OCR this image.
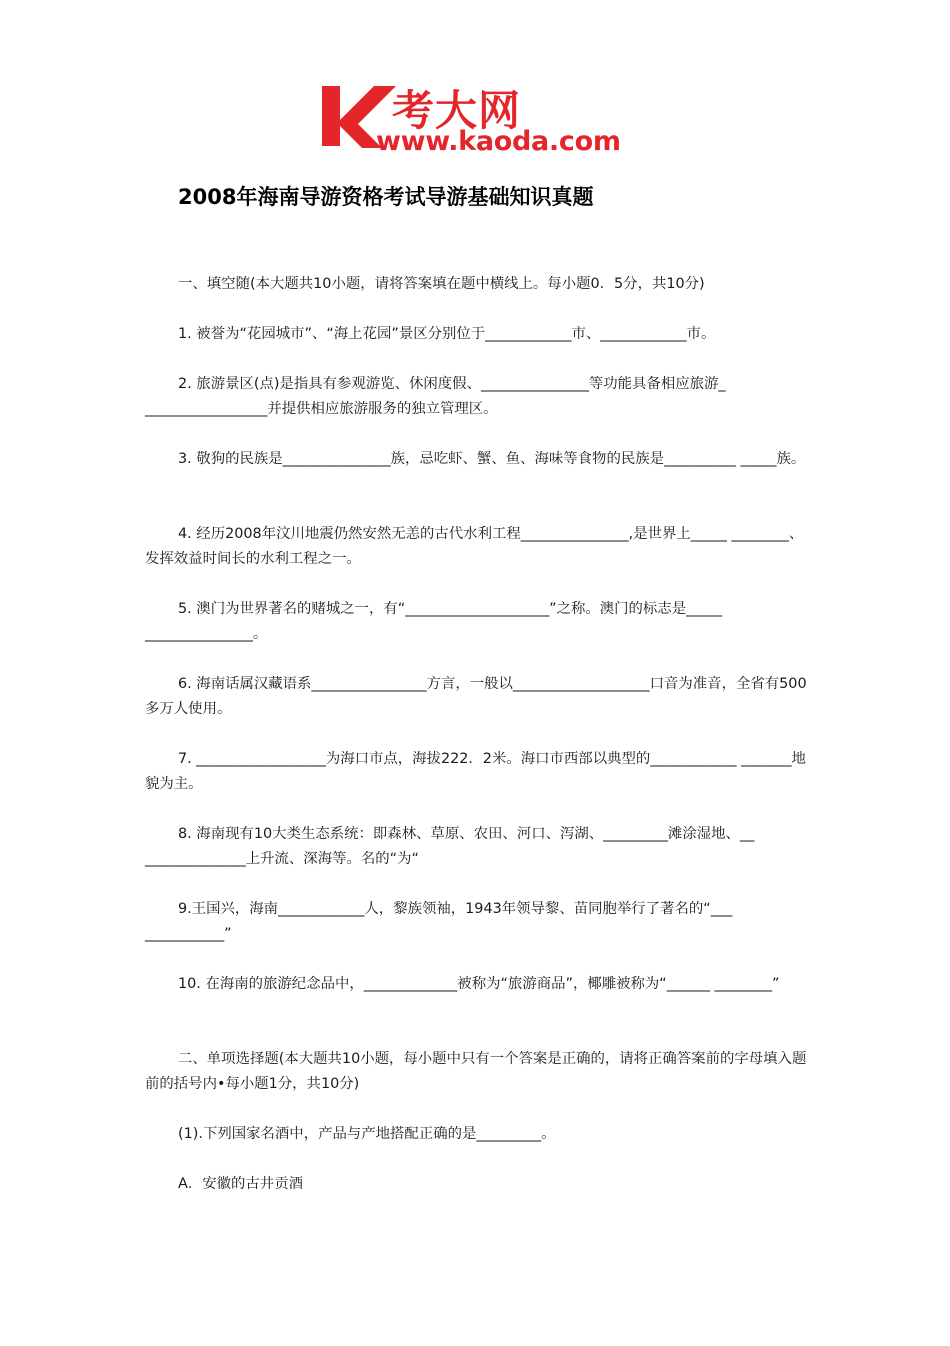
考大网
www.kaoda.com
2008年海南导游资格考试导游基础知识真题
一、填空随(本大题共10小题，请将答案填在题中横线上。每小题0．5分，共10分)
1. 被誉为“花园城市”、“海上花园”景区分别位于____________市、____________市。
2. 旅游景区(点)是指具有参观游览、休闲度假、_______________等功能具备相应旅游_ _________________并提供相应旅游服务的独立管理区。
3. 敬狗的民族是_______________族，忌吃虾、蟹、鱼、海味等食物的民族是__________ _____族。
4. 经历2008年汶川地震仍然安然无恙的古代水利工程_______________,是世界上_____ ________、发挥效益时间长的水利工程之一。
5. 澳门为世界著名的赌城之一，有“____________________”之称。澳门的标志是_____ _______________。
6. 海南话属汉藏语系________________方言，一般以___________________口音为准音，全省有500多万人使用。
7. __________________为海口市点，海拔222．2米。海口市西部以典型的____________ _______地貌为主。
8. 海南现有10大类生态系统：即森林、草原、农田、河口、泻湖、_________滩涂湿地、__ ______________上升流、深海等。名的“为“
9.王国兴，海南____________人，黎族领袖，1943年领导黎、苗同胞举行了著名的“___ ___________”
10. 在海南的旅游纪念品中，_____________被称为“旅游商品”，椰雕被称为“______ ________”
二、单项选择题(本大题共10小题，每小题中只有一个答案是正确的，请将正确答案前的字母填入题前的括号内•每小题1分，共10分)
(1).下列国家名酒中，产品与产地搭配正确的是_________。
A．安徽的古井贡酒
